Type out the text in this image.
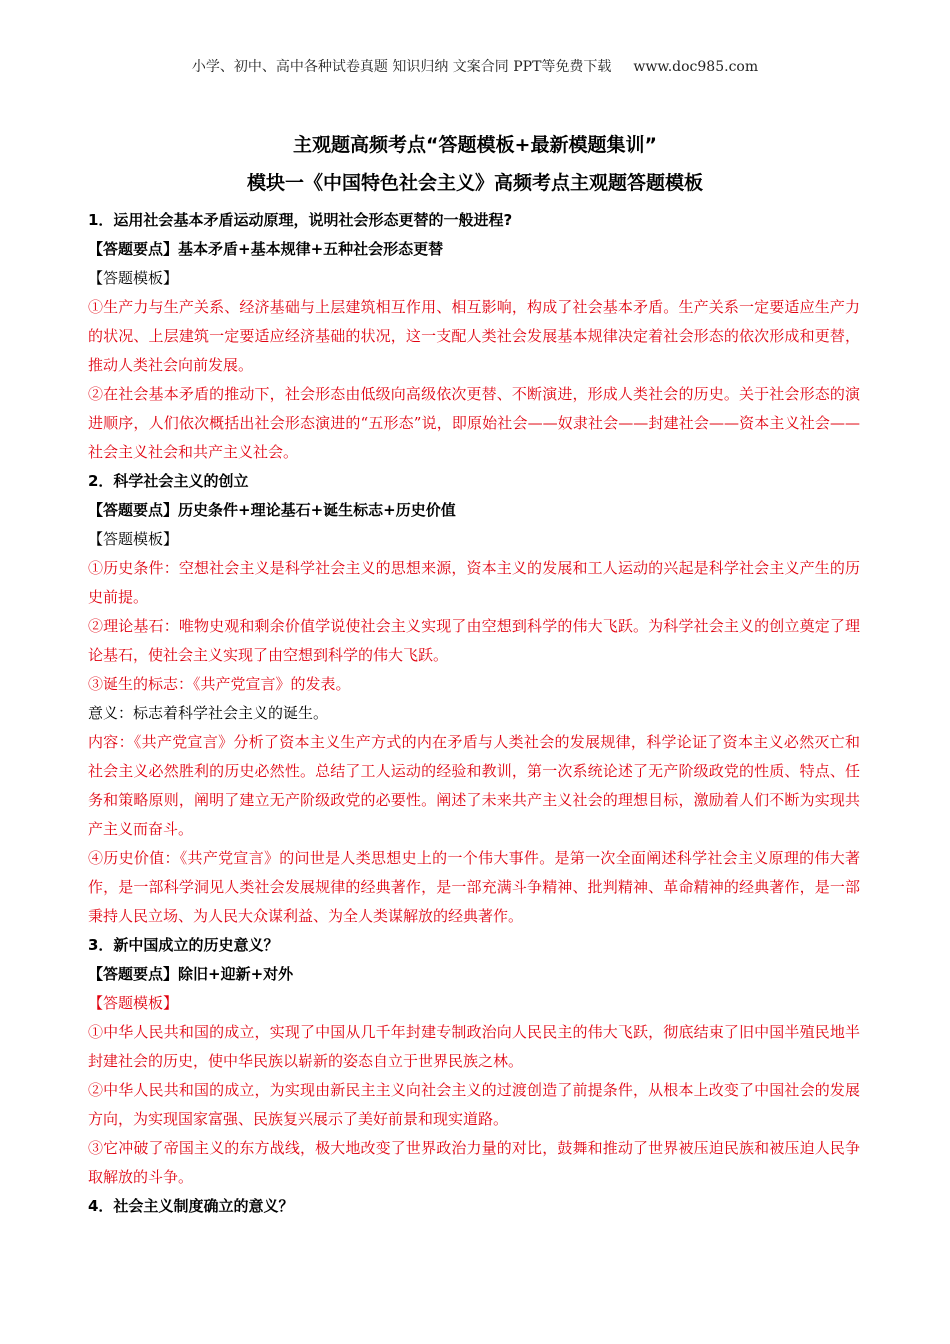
小学、初中、高中各种试卷真题 知识归纳 文案合同 PPT等免费下载 www.doc985.com

主观题高频考点“答题模板+最新模题集训”

模块一《中国特色社会主义》高频考点主观题答题模板

1．运用社会基本矛盾运动原理，说明社会形态更替的一般进程?

【答题要点】基本矛盾+基本规律+五种社会形态更替

【答题模板】

①生产力与生产关系、经济基础与上层建筑相互作用、相互影响，构成了社会基本矛盾。生产关系一定要适应生产力的状况、上层建筑一定要适应经济基础的状况，这一支配人类社会发展基本规律决定着社会形态的依次形成和更替，推动人类社会向前发展。

②在社会基本矛盾的推动下，社会形态由低级向高级依次更替、不断演进，形成人类社会的历史。关于社会形态的演进顺序，人们依次概括出社会形态演进的“五形态”说，即原始社会——奴隶社会——封建社会——资本主义社会——社会主义社会和共产主义社会。

2．科学社会主义的创立

【答题要点】历史条件+理论基石+诞生标志+历史价值

【答题模板】

①历史条件：空想社会主义是科学社会主义的思想来源，资本主义的发展和工人运动的兴起是科学社会主义产生的历史前提。

②理论基石：唯物史观和剩余价值学说使社会主义实现了由空想到科学的伟大飞跃。为科学社会主义的创立奠定了理论基石，使社会主义实现了由空想到科学的伟大飞跃。

③诞生的标志：《共产党宣言》的发表。

意义：标志着科学社会主义的诞生。

内容：《共产党宣言》分析了资本主义生产方式的内在矛盾与人类社会的发展规律，科学论证了资本主义必然灭亡和社会主义必然胜利的历史必然性。总结了工人运动的经验和教训，第一次系统论述了无产阶级政党的性质、特点、任务和策略原则，阐明了建立无产阶级政党的必要性。阐述了未来共产主义社会的理想目标，激励着人们不断为实现共产主义而奋斗。

④历史价值：《共产党宣言》的问世是人类思想史上的一个伟大事件。是第一次全面阐述科学社会主义原理的伟大著作，是一部科学洞见人类社会发展规律的经典著作，是一部充满斗争精神、批判精神、革命精神的经典著作，是一部秉持人民立场、为人民大众谋利益、为全人类谋解放的经典著作。

3．新中国成立的历史意义？

【答题要点】除旧+迎新+对外

【答题模板】

①中华人民共和国的成立，实现了中国从几千年封建专制政治向人民民主的伟大飞跃，彻底结束了旧中国半殖民地半封建社会的历史，使中华民族以崭新的姿态自立于世界民族之林。

②中华人民共和国的成立，为实现由新民主主义向社会主义的过渡创造了前提条件，从根本上改变了中国社会的发展方向，为实现国家富强、民族复兴展示了美好前景和现实道路。

③它冲破了帝国主义的东方战线，极大地改变了世界政治力量的对比，鼓舞和推动了世界被压迫民族和被压迫人民争取解放的斗争。

4．社会主义制度确立的意义？
